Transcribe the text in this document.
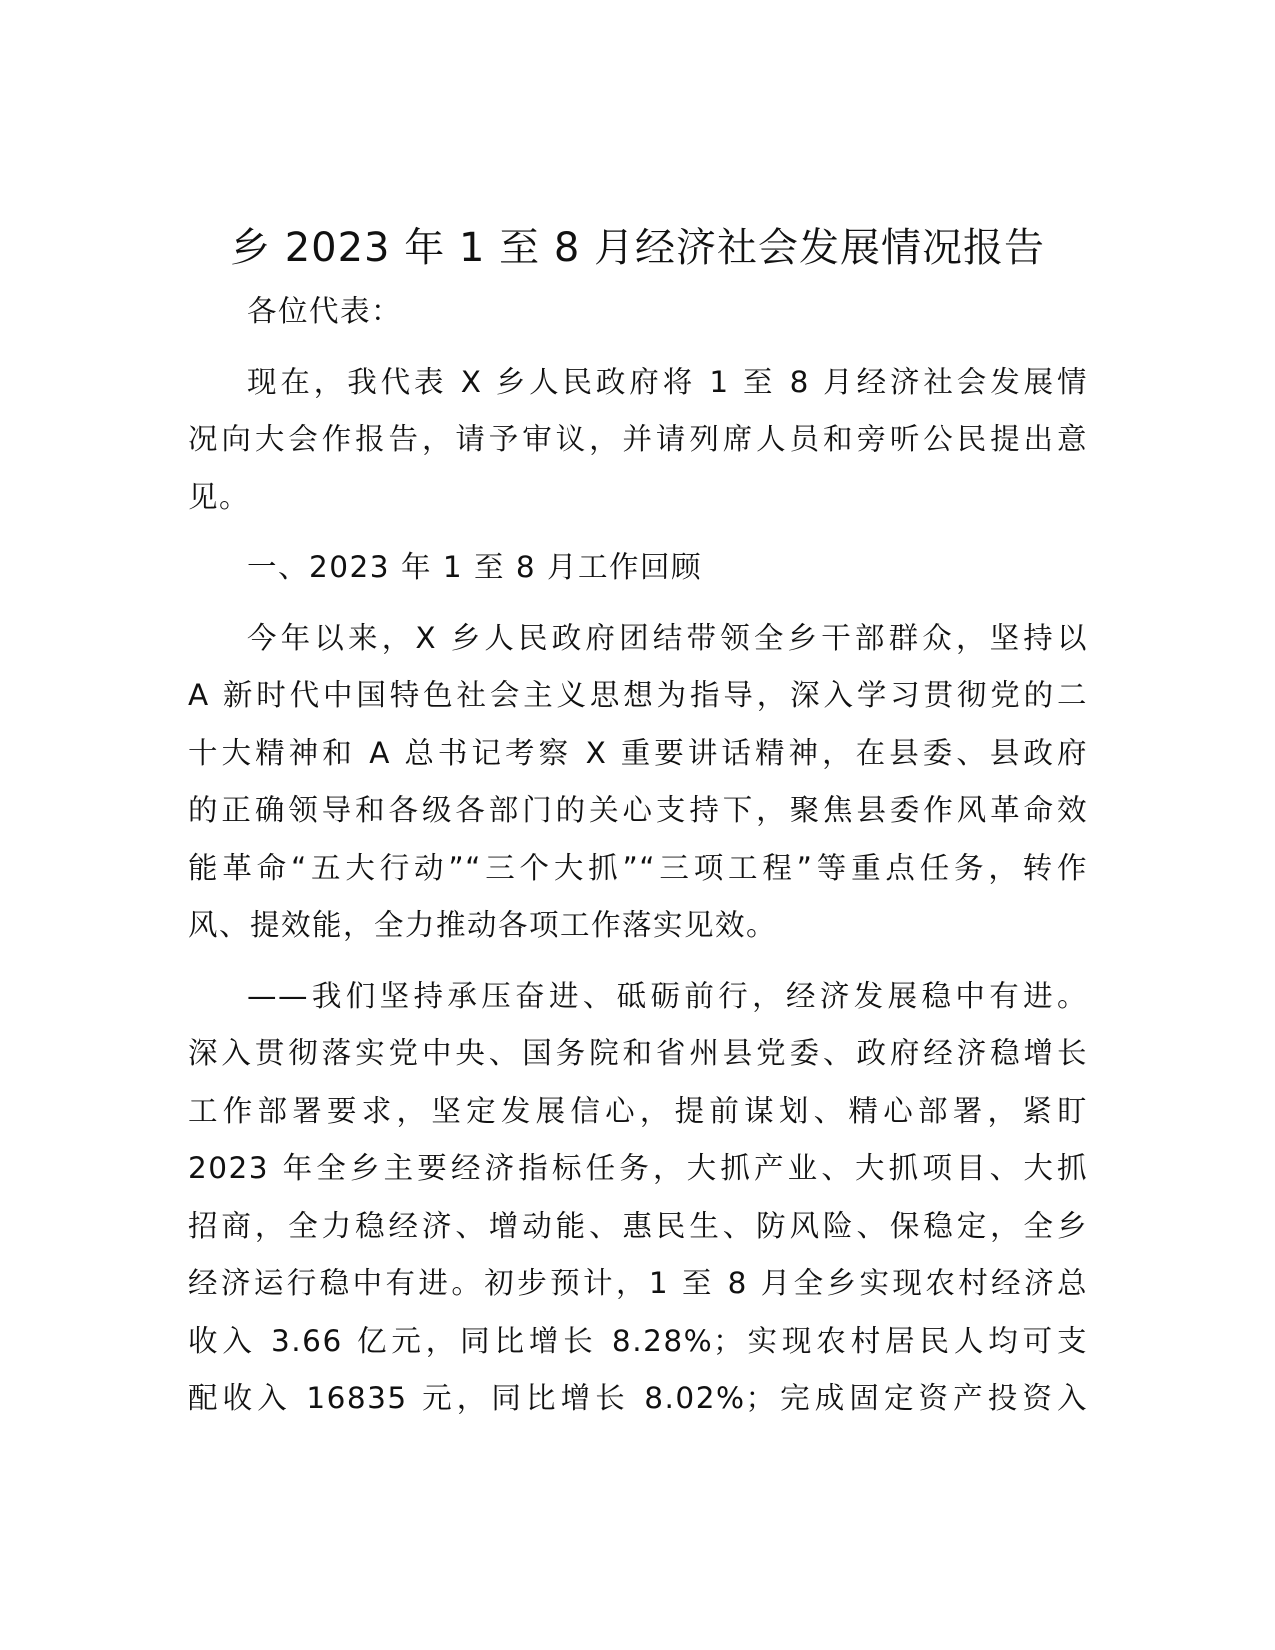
乡 2023 年 1 至 8 月经济社会发展情况报告
各位代表：
现在，我代表 X 乡人民政府将 1 至 8 月经济社会发展情
况向大会作报告，请予审议，并请列席人员和旁听公民提出意
见。
一、2023 年 1 至 8 月工作回顾
今年以来，X 乡人民政府团结带领全乡干部群众，坚持以
A 新时代中国特色社会主义思想为指导，深入学习贯彻党的二
十大精神和 A 总书记考察 X 重要讲话精神，在县委、县政府
的正确领导和各级各部门的关心支持下，聚焦县委作风革命效
能革命“五大行动”“三个大抓”“三项工程”等重点任务，转作
风、提效能，全力推动各项工作落实见效。
——我们坚持承压奋进、砥砺前行，经济发展稳中有进。
深入贯彻落实党中央、国务院和省州县党委、政府经济稳增长
工作部署要求，坚定发展信心，提前谋划、精心部署，紧盯
2023 年全乡主要经济指标任务，大抓产业、大抓项目、大抓
招商，全力稳经济、增动能、惠民生、防风险、保稳定，全乡
经济运行稳中有进。初步预计，1 至 8 月全乡实现农村经济总
收入 3.66 亿元，同比增长 8.28%；实现农村居民人均可支
配收入 16835 元，同比增长 8.02%；完成固定资产投资入
